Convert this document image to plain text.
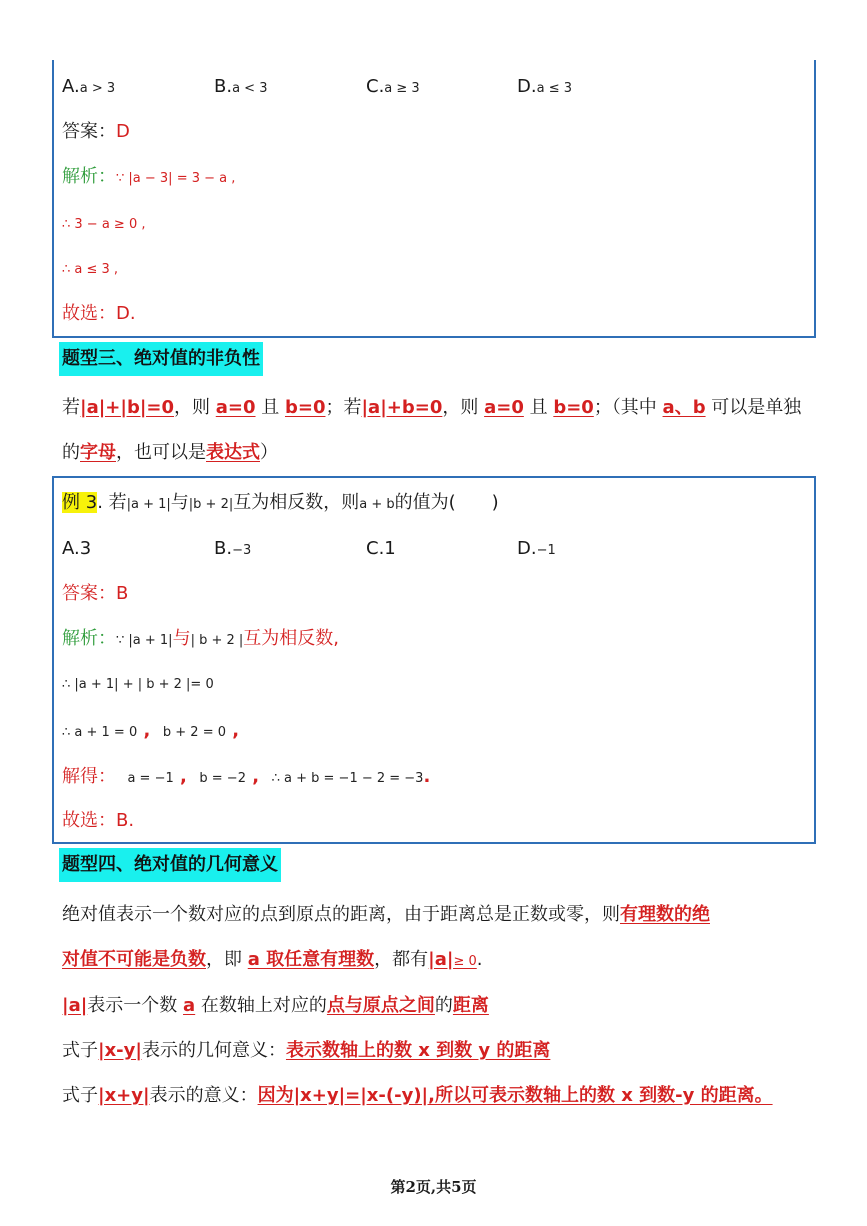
A.a > 3	B.a < 3	C.a ≥ 3	D.a ≤ 3
答案：D
解析：∵ |a − 3| = 3 − a ,
∴ 3 − a ≥ 0 ,
∴ a ≤ 3 ,
故选：D.
题型三、绝对值的非负性
若|a|+|b|=0，则 a=0 且 b=0；若|a|+b=0，则 a=0 且 b=0；（其中 a、b 可以是单独
的字母，也可以是表达式）
例 3. 若|a + 1|与|b + 2|互为相反数，则a + b的值为(　　)
A.3	B.−3	C.1	D.−1
答案：B
解析：∵ |a + 1|与| b + 2 |互为相反数,
∴ |a + 1| + | b + 2 |= 0
∴ a + 1 = 0 ,  b + 2 = 0 ,
解得： a = −1 ,  b = −2 ,  ∴ a + b = −1 − 2 = −3.
故选：B.
题型四、绝对值的几何意义
绝对值表示一个数对应的点到原点的距离，由于距离总是正数或零，则有理数的绝
对值不可能是负数，即 a 取任意有理数，都有|a|≥ 0.
|a|表示一个数 a 在数轴上对应的点与原点之间的距离
式子|x-y|表示的几何意义：表示数轴上的数 x 到数 y 的距离
式子|x+y|表示的意义：因为|x+y|=|x-(-y)|,所以可表示数轴上的数 x 到数-y 的距离。
第2页,共5页
